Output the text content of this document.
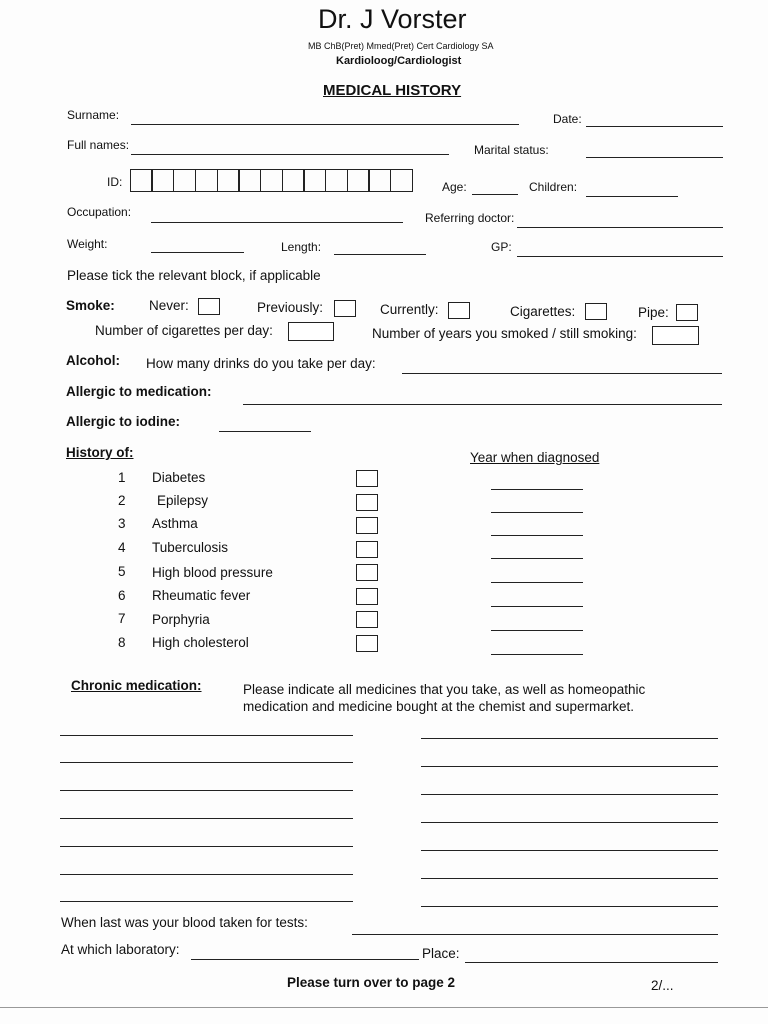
Dr. J Vorster
MB ChB(Pret) Mmed(Pret) Cert Cardiology SA
Kardioloog/Cardiologist
MEDICAL HISTORY
Surname:	Date:
Full names:	Marital status:
ID:	Age:	Children:
Occupation:	Referring doctor:
Weight:	Length:	GP:
Please tick the relevant block, if applicable
Smoke:	Never:	Previously:	Currently:	Cigarettes:	Pipe:
Number of cigarettes per day:	Number of years you smoked / still smoking:
Alcohol: How many drinks do you take per day:
Allergic to medication:
Allergic to iodine:
History of:	Year when diagnosed
1 Diabetes
2 Epilepsy
3 Asthma
4 Tuberculosis
5 High blood pressure
6 Rheumatic fever
7 Porphyria
8 High cholesterol
Chronic medication:	Please indicate all medicines that you take, as well as homeopathic
medication and medicine bought at the chemist and supermarket.
When last was your blood taken for tests:
At which laboratory:	Place:
Please turn over to page 2	2/...
